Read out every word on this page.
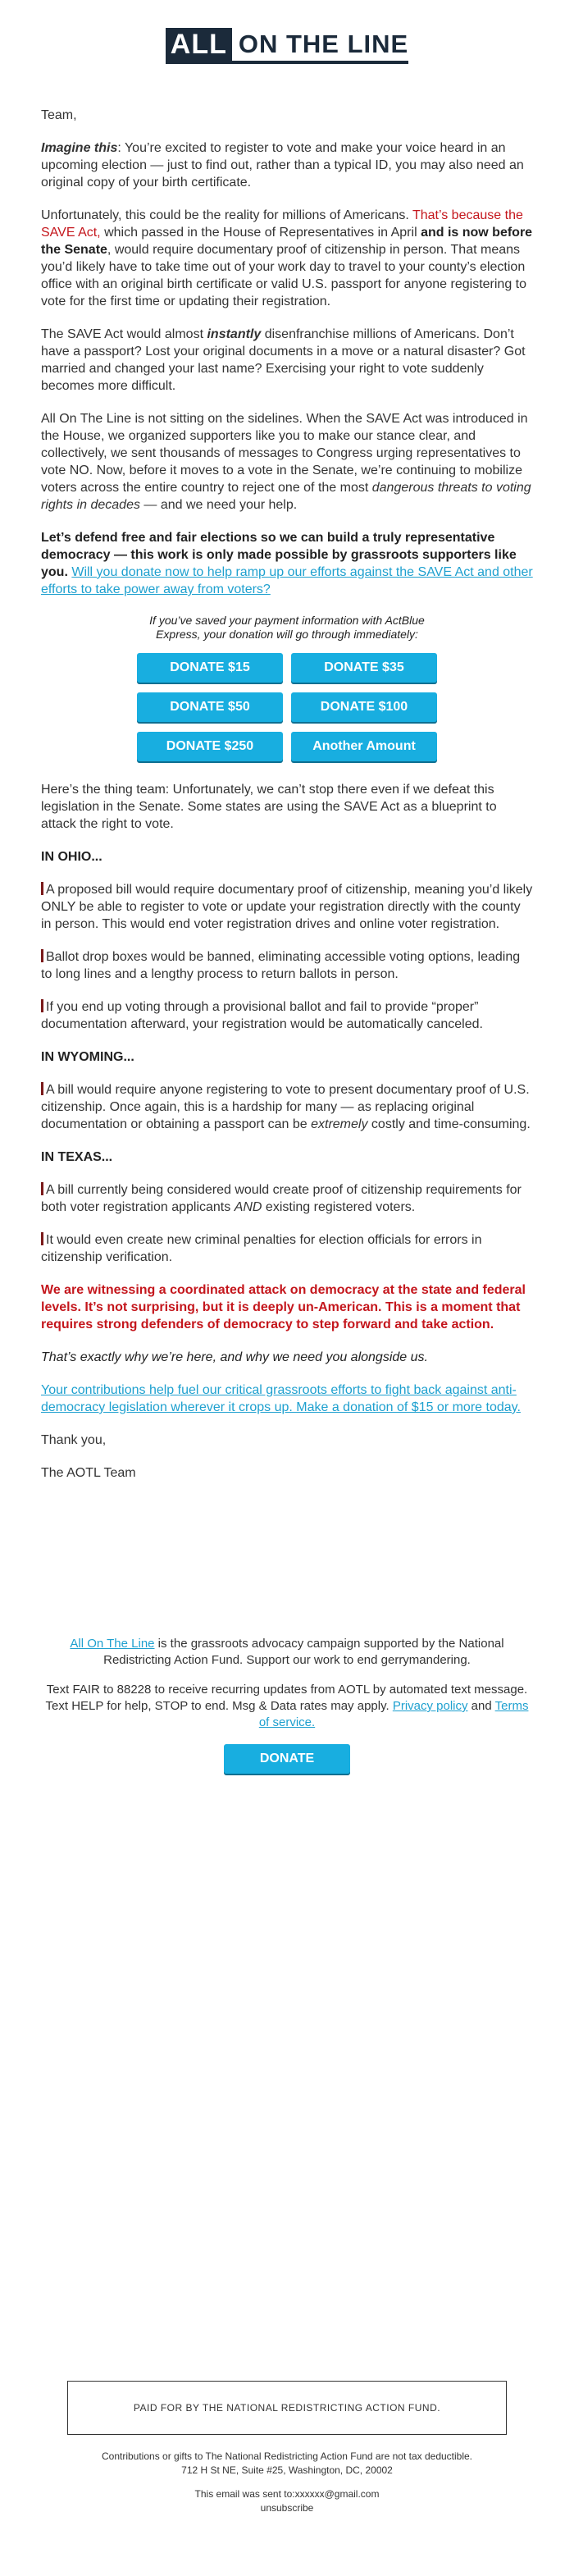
ALL ON THE LINE

Team,

Imagine this: You’re excited to register to vote and make your voice heard in an upcoming election — just to find out, rather than a typical ID, you may also need an original copy of your birth certificate.

Unfortunately, this could be the reality for millions of Americans. That’s because the SAVE Act, which passed in the House of Representatives in April and is now before the Senate, would require documentary proof of citizenship in person. That means you’d likely have to take time out of your work day to travel to your county’s election office with an original birth certificate or valid U.S. passport for anyone registering to vote for the first time or updating their registration.

The SAVE Act would almost instantly disenfranchise millions of Americans. Don’t have a passport? Lost your original documents in a move or a natural disaster? Got married and changed your last name? Exercising your right to vote suddenly becomes more difficult.

All On The Line is not sitting on the sidelines. When the SAVE Act was introduced in the House, we organized supporters like you to make our stance clear, and collectively, we sent thousands of messages to Congress urging representatives to vote NO. Now, before it moves to a vote in the Senate, we’re continuing to mobilize voters across the entire country to reject one of the most dangerous threats to voting rights in decades — and we need your help.

Let’s defend free and fair elections so we can build a truly representative democracy — this work is only made possible by grassroots supporters like you. Will you donate now to help ramp up our efforts against the SAVE Act and other efforts to take power away from voters?

If you’ve saved your payment information with ActBlue Express, your donation will go through immediately:
DONATE $15	DONATE $35
DONATE $50	DONATE $100
DONATE $250	Another Amount

Here’s the thing team: Unfortunately, we can’t stop there even if we defeat this legislation in the Senate. Some states are using the SAVE Act as a blueprint to attack the right to vote.

IN OHIO...

A proposed bill would require documentary proof of citizenship, meaning you’d likely ONLY be able to register to vote or update your registration directly with the county in person. This would end voter registration drives and online voter registration.

Ballot drop boxes would be banned, eliminating accessible voting options, leading to long lines and a lengthy process to return ballots in person.

If you end up voting through a provisional ballot and fail to provide “proper” documentation afterward, your registration would be automatically canceled.

IN WYOMING...

A bill would require anyone registering to vote to present documentary proof of U.S. citizenship. Once again, this is a hardship for many — as replacing original documentation or obtaining a passport can be extremely costly and time-consuming.

IN TEXAS...

A bill currently being considered would create proof of citizenship requirements for both voter registration applicants AND existing registered voters.

It would even create new criminal penalties for election officials for errors in citizenship verification.

We are witnessing a coordinated attack on democracy at the state and federal levels. It’s not surprising, but it is deeply un-American. This is a moment that requires strong defenders of democracy to step forward and take action.

That’s exactly why we’re here, and why we need you alongside us.

Your contributions help fuel our critical grassroots efforts to fight back against anti-democracy legislation wherever it crops up. Make a donation of $15 or more today.

Thank you,

The AOTL Team

All On The Line is the grassroots advocacy campaign supported by the National Redistricting Action Fund. Support our work to end gerrymandering.

Text FAIR to 88228 to receive recurring updates from AOTL by automated text message. Text HELP for help, STOP to end. Msg & Data rates may apply. Privacy policy and Terms of service.

DONATE
PAID FOR BY THE NATIONAL REDISTRICTING ACTION FUND.
Contributions or gifts to The National Redistricting Action Fund are not tax deductible.
712 H St NE, Suite #25, Washington, DC, 20002
This email was sent to:xxxxxx@gmail.com
unsubscribe
